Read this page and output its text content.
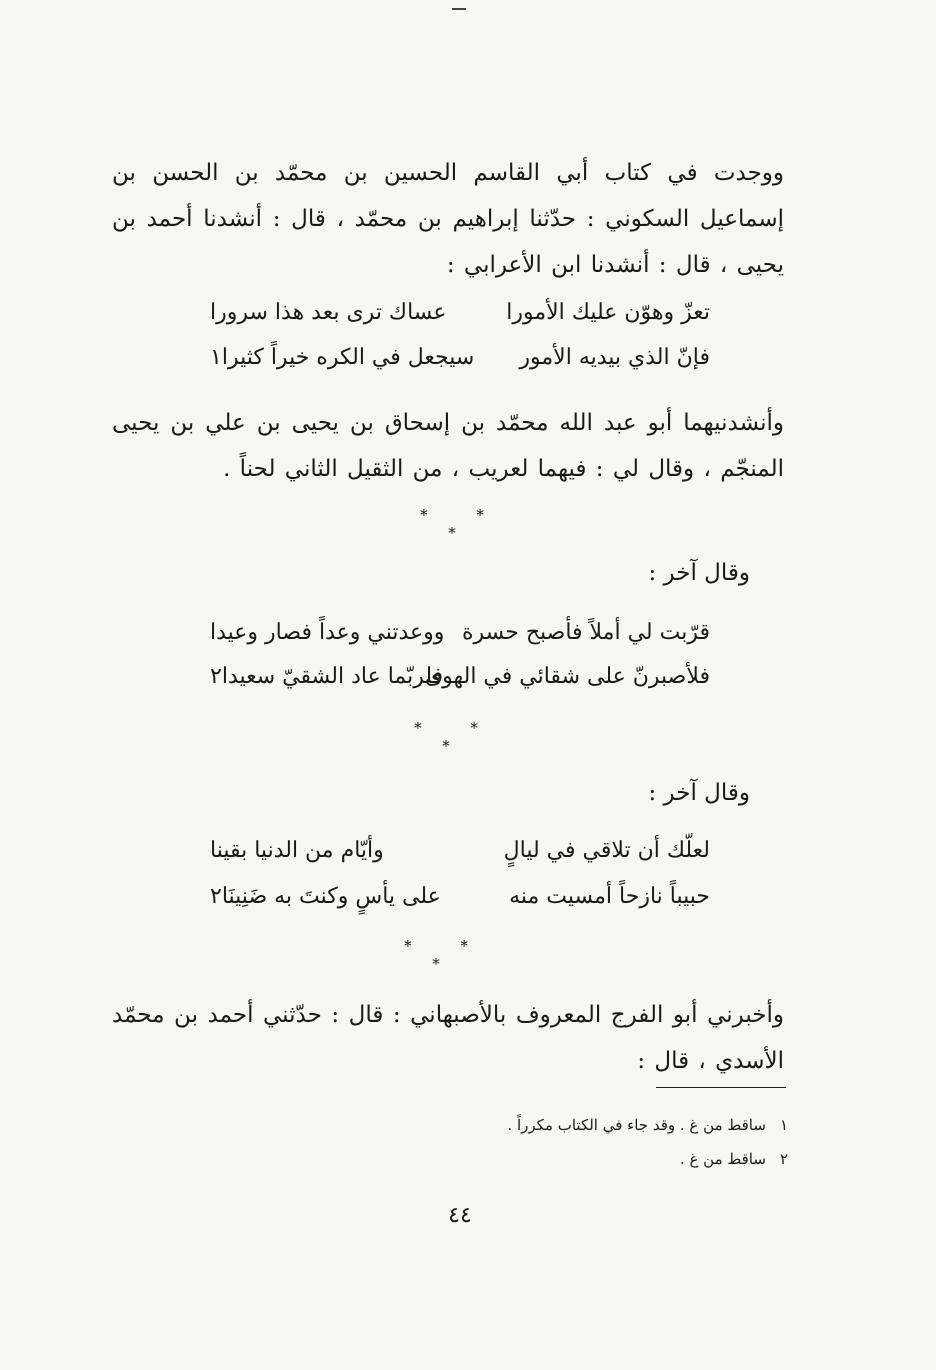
ووجدت في كتاب أبي القاسم الحسين بن محمّد بن الحسن بن إسماعيل السكوني : حدّثنا إبراهيم بن محمّد ، قال : أنشدنا أحمد بن يحيى ، قال : أنشدنا ابن الأعرابي :
تعزّ وهوّن عليك الأمورا
عساك ترى بعد هذا سرورا
فإنّ الذي بيديه الأمور
سيجعل في الكره خيراً كثيرا١
وأنشدنيهما أبو عبد الله محمّد بن إسحاق بن يحيى بن علي بن يحيى المنجّم ، وقال لي : فيهما لعريب ، من الثقيل الثاني لحناً .
* * *
وقال آخر :
قرّبت لي أملاً فأصبح حسرة
ووعدتني وعداً فصار وعيدا
فلأصبرنّ على شقائي في الهوى
فلربّما عاد الشقيّ سعيدا٢
* * *
وقال آخر :
لعلّك أن تلاقي في ليالٍ
وأيّام من الدنيا بقينا
حبيباً نازحاً أمسيت منه
على يأسٍ وكنتَ به ضَنِينَا٢
* * *
وأخبرني أبو الفرج المعروف بالأصبهاني : قال : حدّثني أحمد بن محمّد الأسدي ، قال :
١ساقط من غ . وقد جاء في الكتاب مكرراً .
٢ساقط من غ .
٤٤
